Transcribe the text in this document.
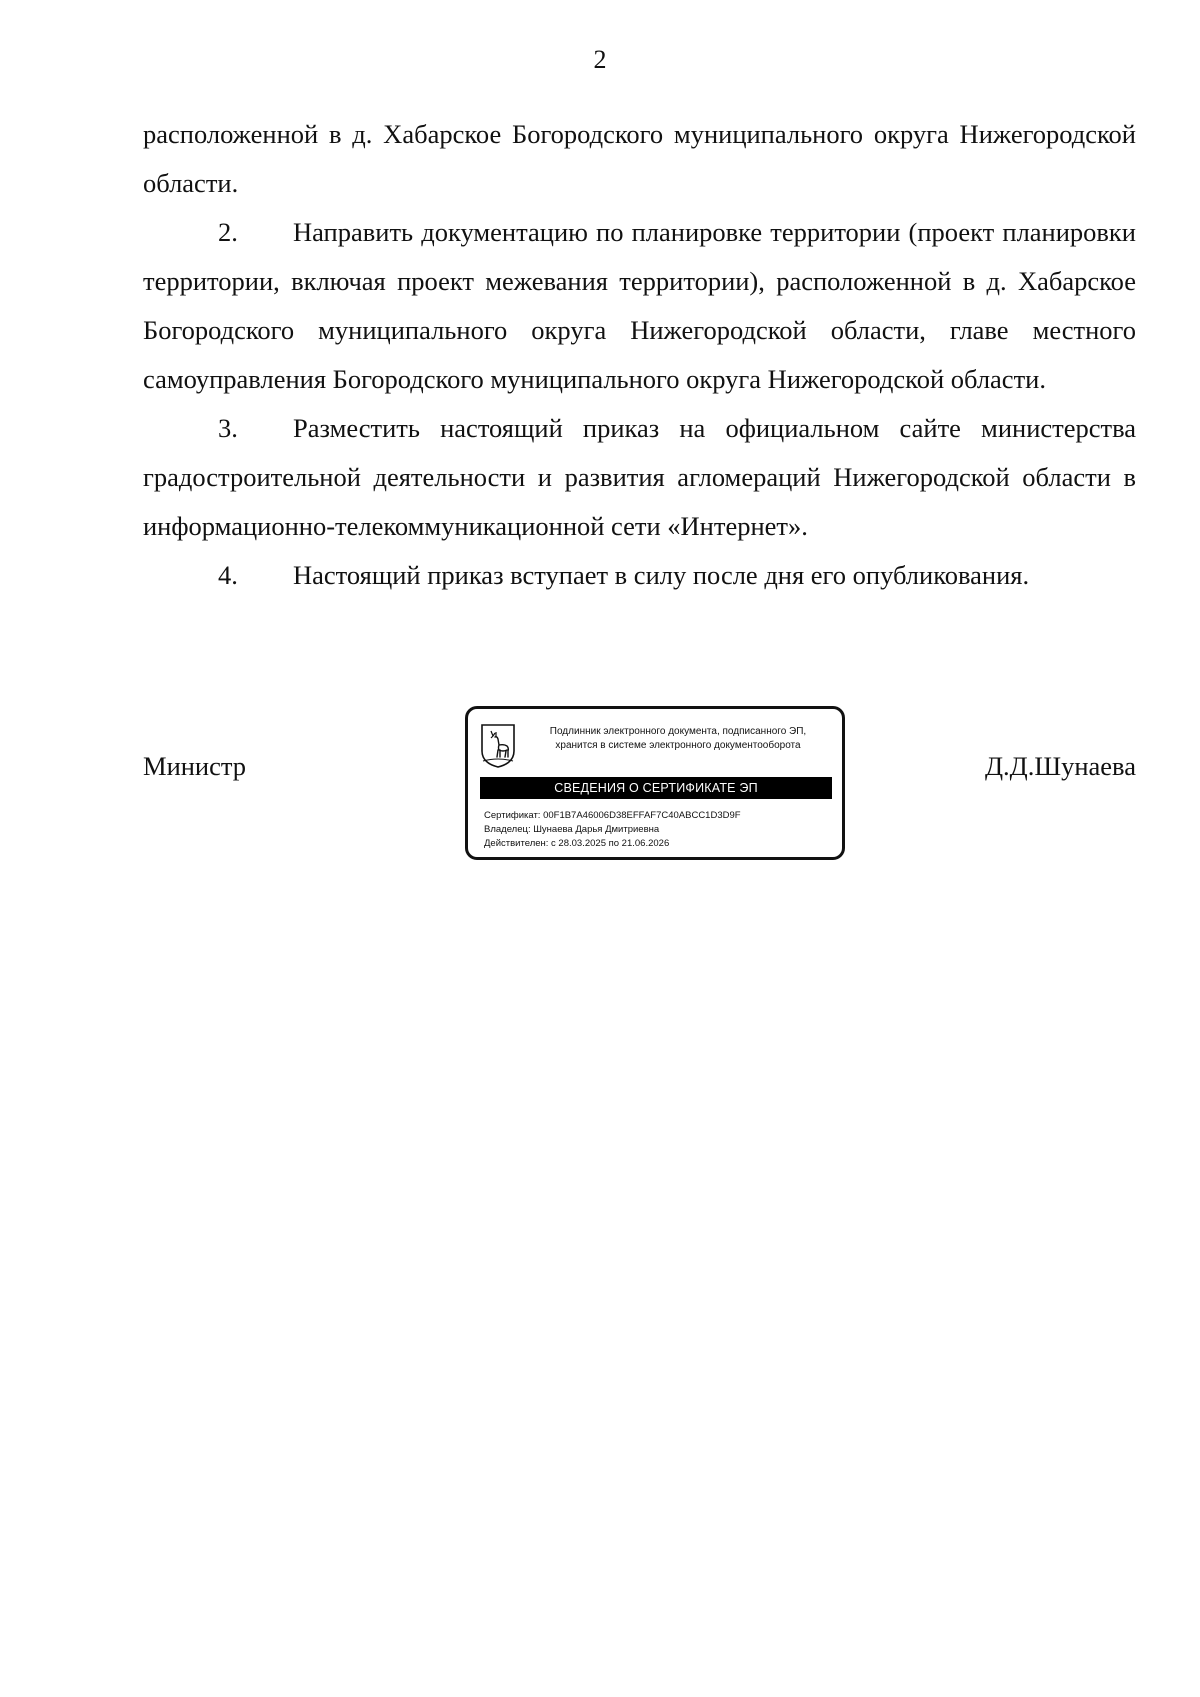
2

расположенной в д. Хабарское Богородского муниципального округа Нижегородской области.

2. Направить документацию по планировке территории (проект планировки территории, включая проект межевания территории), расположенной в д. Хабарское Богородского муниципального округа Нижегородской области, главе местного самоуправления Богородского муниципального округа Нижегородской области.

3. Разместить настоящий приказ на официальном сайте министерства градостроительной деятельности и развития агломераций Нижегородской области в информационно-телекоммуникационной сети «Интернет».

4. Настоящий приказ вступает в силу после дня его опубликования.

Министр
Подлинник электронного документа, подписанного ЭП,
хранится в системе электронного документооборота
СВЕДЕНИЯ О СЕРТИФИКАТЕ ЭП
Сертификат: 00F1B7A46006D38EFFAF7C40ABCC1D3D9F
Владелец: Шунаева Дарья Дмитриевна
Действителен: с 28.03.2025 по 21.06.2026
Д.Д.Шунаева
